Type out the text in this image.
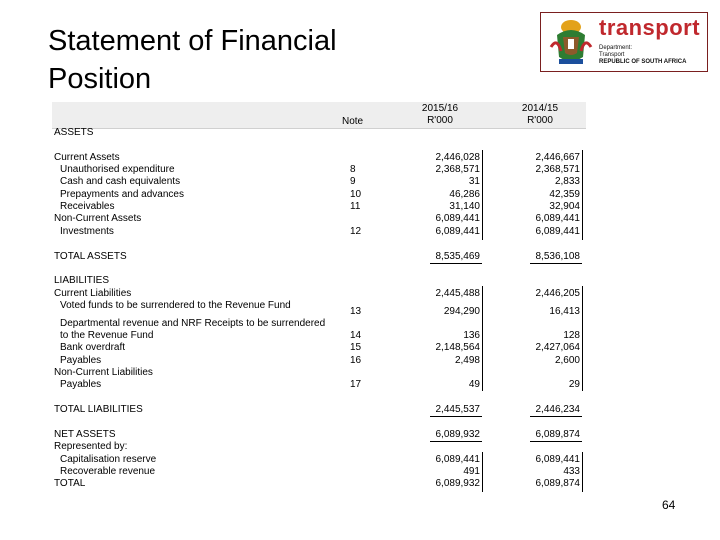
Statement of Financial
Position
transport
Department:
Transport
REPUBLIC OF SOUTH AFRICA
Note
2015/16
R'000
2014/15
R'000
ASSETS
Current Assets	2,446,028	2,446,667
Unauthorised expenditure	8	2,368,571	2,368,571
Cash and cash equivalents	9	31	2,833
Prepayments and advances	10	46,286	42,359
Receivables	11	31,140	32,904
Non-Current Assets	6,089,441	6,089,441
Investments	12	6,089,441	6,089,441
TOTAL ASSETS	8,535,469	8,536,108
LIABILITIES
Current Liabilities	2,445,488	2,446,205
Voted funds to be surrendered to the Revenue Fund
13	294,290	16,413
Departmental revenue and NRF Receipts to be surrendered
to the Revenue Fund	14	136	128
Bank overdraft	15	2,148,564	2,427,064
Payables	16	2,498	2,600
Non-Current Liabilities
Payables	17	49	29
TOTAL LIABILITIES	2,445,537	2,446,234
NET ASSETS	6,089,932	6,089,874
Represented by:
Capitalisation reserve	6,089,441	6,089,441
Recoverable revenue	491	433
TOTAL	6,089,932	6,089,874
64
